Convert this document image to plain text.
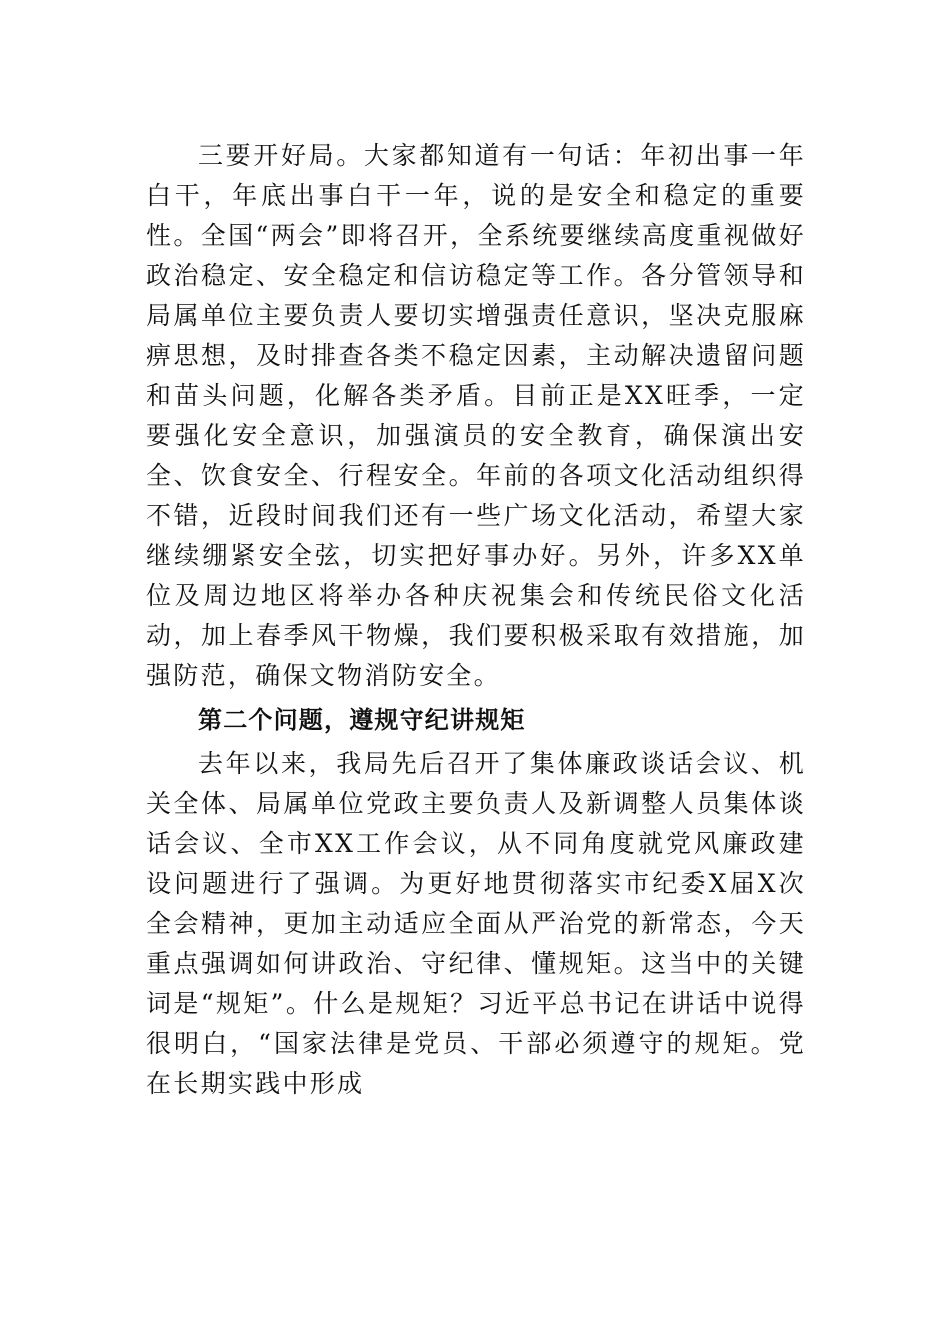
三要开好局。大家都知道有一句话：年初出事一年白干，年底出事白干一年，说的是安全和稳定的重要性。全国“两会”即将召开，全系统要继续高度重视做好政治稳定、安全稳定和信访稳定等工作。各分管领导和局属单位主要负责人要切实增强责任意识，坚决克服麻痹思想，及时排查各类不稳定因素，主动解决遗留问题和苗头问题，化解各类矛盾。目前正是XX旺季，一定要强化安全意识，加强演员的安全教育，确保演出安全、饮食安全、行程安全。年前的各项文化活动组织得不错，近段时间我们还有一些广场文化活动，希望大家继续绷紧安全弦，切实把好事办好。另外，许多XX单位及周边地区将举办各种庆祝集会和传统民俗文化活动，加上春季风干物燥，我们要积极采取有效措施，加强防范，确保文物消防安全。

第二个问题，遵规守纪讲规矩

去年以来，我局先后召开了集体廉政谈话会议、机关全体、局属单位党政主要负责人及新调整人员集体谈话会议、全市XX工作会议，从不同角度就党风廉政建设问题进行了强调。为更好地贯彻落实市纪委X届X次全会精神，更加主动适应全面从严治党的新常态，今天重点强调如何讲政治、守纪律、懂规矩。这当中的关键词是“规矩”。什么是规矩？习近平总书记在讲话中说得很明白，“国家法律是党员、干部必须遵守的规矩。党在长期实践中形成
